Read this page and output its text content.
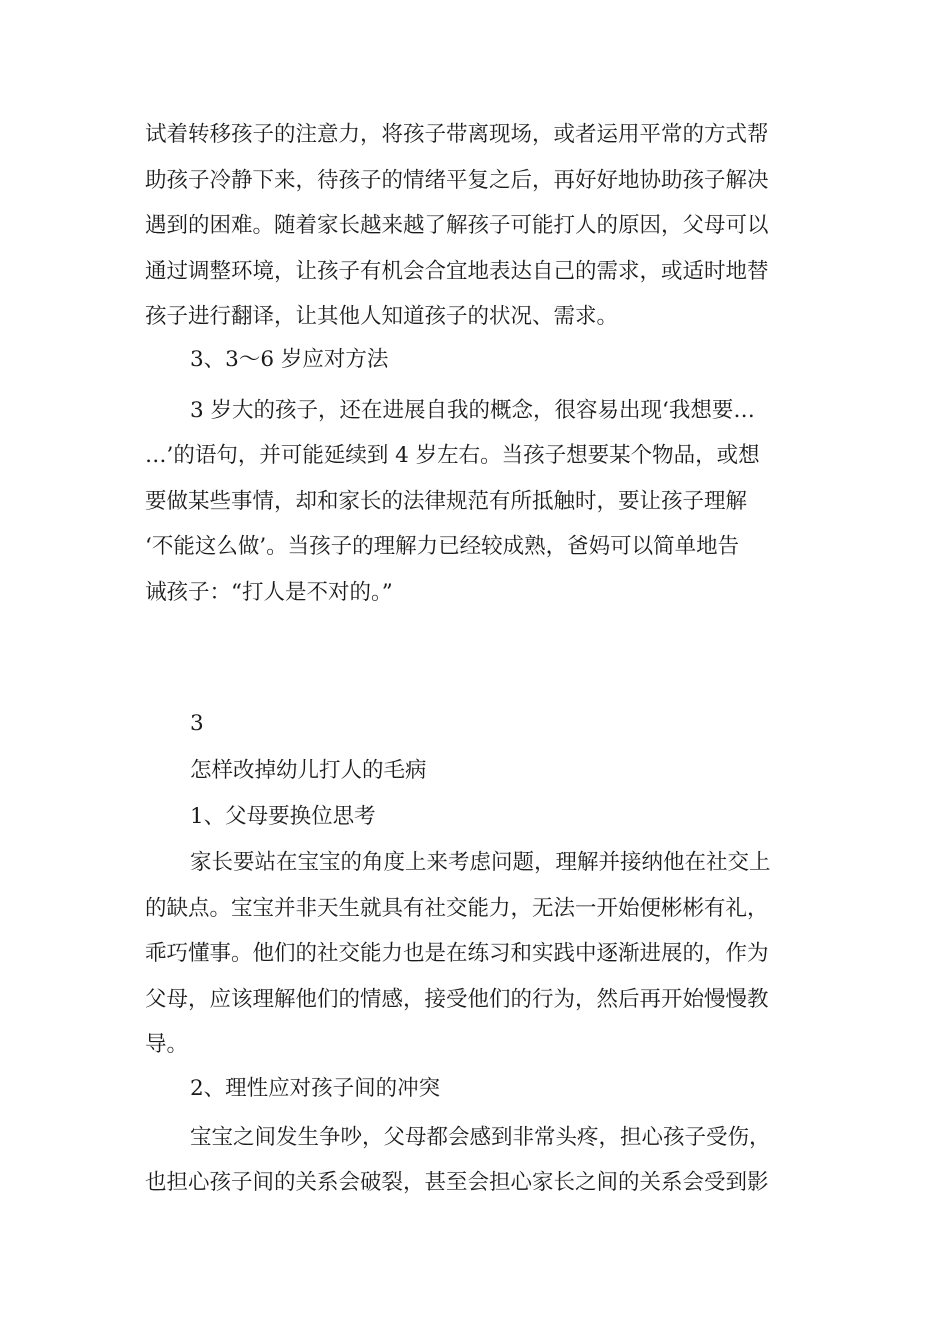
试着转移孩子的注意力，将孩子带离现场，或者运用平常的方式帮
助孩子冷静下来，待孩子的情绪平复之后，再好好地协助孩子解决
遇到的困难。随着家长越来越了解孩子可能打人的原因，父母可以
通过调整环境，让孩子有机会合宜地表达自己的需求，或适时地替
孩子进行翻译，让其他人知道孩子的状况、需求。
3、3～6 岁应对方法
3 岁大的孩子，还在进展自我的概念，很容易出现‘我想要…
…’的语句，并可能延续到 4 岁左右。当孩子想要某个物品，或想
要做某些事情，却和家长的法律规范有所抵触时，要让孩子理解
‘不能这么做’。当孩子的理解力已经较成熟，爸妈可以简单地告
诫孩子：“打人是不对的。”
3
怎样改掉幼儿打人的毛病
1、父母要换位思考
家长要站在宝宝的角度上来考虑问题，理解并接纳他在社交上
的缺点。宝宝并非天生就具有社交能力，无法一开始便彬彬有礼，
乖巧懂事。他们的社交能力也是在练习和实践中逐渐进展的，作为
父母，应该理解他们的情感，接受他们的行为，然后再开始慢慢教
导。
2、理性应对孩子间的冲突
宝宝之间发生争吵，父母都会感到非常头疼，担心孩子受伤，
也担心孩子间的关系会破裂，甚至会担心家长之间的关系会受到影
